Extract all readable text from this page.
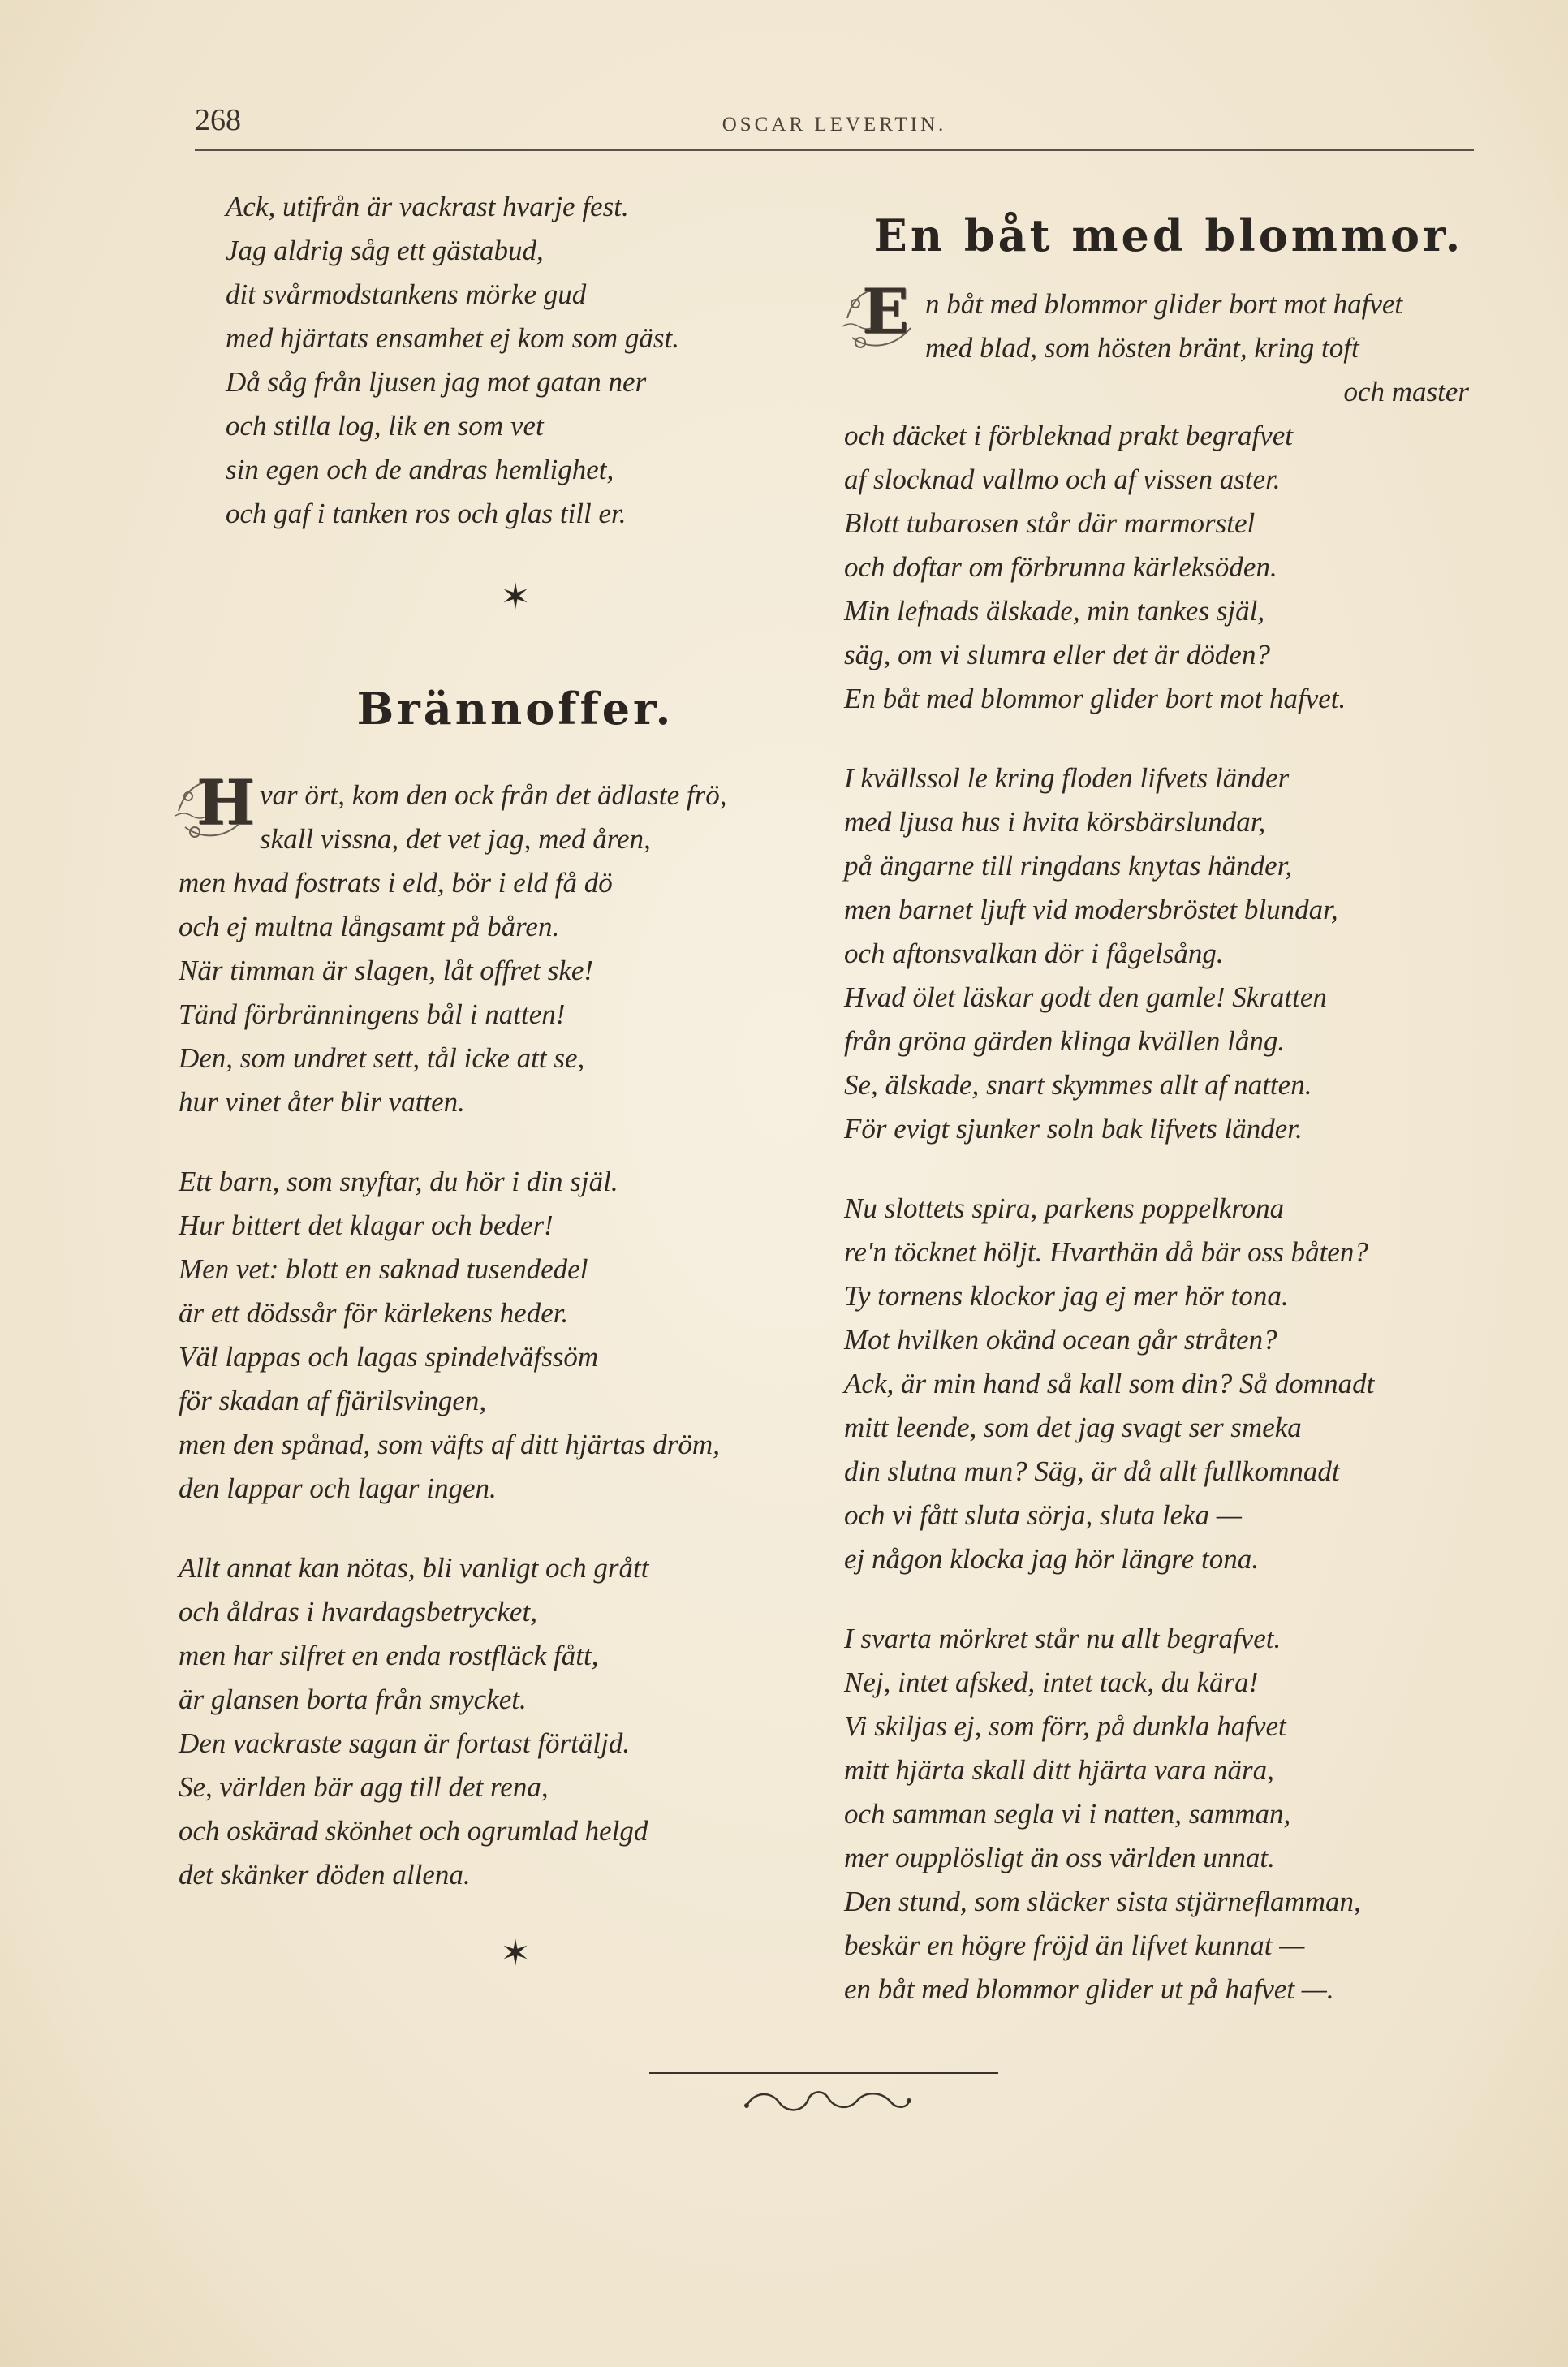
268	OSCAR LEVERTIN.
Ack, utifrån är vackrast hvarje fest.
Jag aldrig såg ett gästabud,
dit svårmodstankens mörke gud
med hjärtats ensamhet ej kom som gäst.
Då såg från ljusen jag mot gatan ner
och stilla log, lik en som vet
sin egen och de andras hemlighet,
och gaf i tanken ros och glas till er.
✶
Brännoffer.
H var ört, kom den ock från det ädlaste frö,
skall vissna, det vet jag, med åren,
men hvad fostrats i eld, bör i eld få dö
och ej multna långsamt på båren.
När timman är slagen, låt offret ske!
Tänd förbränningens bål i natten!
Den, som undret sett, tål icke att se,
hur vinet åter blir vatten.
Ett barn, som snyftar, du hör i din själ.
Hur bittert det klagar och beder!
Men vet: blott en saknad tusendedel
är ett dödssår för kärlekens heder.
Väl lappas och lagas spindelväfssöm
för skadan af fjärilsvingen,
men den spånad, som väfts af ditt hjärtas dröm,
den lappar och lagar ingen.
Allt annat kan nötas, bli vanligt och grått
och åldras i hvardagsbetrycket,
men har silfret en enda rostfläck fått,
är glansen borta från smycket.
Den vackraste sagan är fortast förtäljd.
Se, världen bär agg till det rena,
och oskärad skönhet och ogrumlad helgd
det skänker döden allena.
✶
En båt med blommor.
E n båt med blommor glider bort mot hafvet
med blad, som hösten bränt, kring toft
och master
och däcket i förbleknad prakt begrafvet
af slocknad vallmo och af vissen aster.
Blott tubarosen står där marmorstel
och doftar om förbrunna kärleksöden.
Min lefnads älskade, min tankes själ,
säg, om vi slumra eller det är döden?
En båt med blommor glider bort mot hafvet.
I kvällssol le kring floden lifvets länder
med ljusa hus i hvita körsbärslundar,
på ängarne till ringdans knytas händer,
men barnet ljuft vid modersbröstet blundar,
och aftonsvalkan dör i fågelsång.
Hvad ölet läskar godt den gamle! Skratten
från gröna gärden klinga kvällen lång.
Se, älskade, snart skymmes allt af natten.
För evigt sjunker soln bak lifvets länder.
Nu slottets spira, parkens poppelkrona
re'n töcknet höljt. Hvarthän då bär oss båten?
Ty tornens klockor jag ej mer hör tona.
Mot hvilken okänd ocean går stråten?
Ack, är min hand så kall som din? Så domnadt
mitt leende, som det jag svagt ser smeka
din slutna mun? Säg, är då allt fullkomnadt
och vi fått sluta sörja, sluta leka —
ej någon klocka jag hör längre tona.
I svarta mörkret står nu allt begrafvet.
Nej, intet afsked, intet tack, du kära!
Vi skiljas ej, som förr, på dunkla hafvet
mitt hjärta skall ditt hjärta vara nära,
och samman segla vi i natten, samman,
mer oupplösligt än oss världen unnat.
Den stund, som släcker sista stjärneflamman,
beskär en högre fröjd än lifvet kunnat —
en båt med blommor glider ut på hafvet —.
